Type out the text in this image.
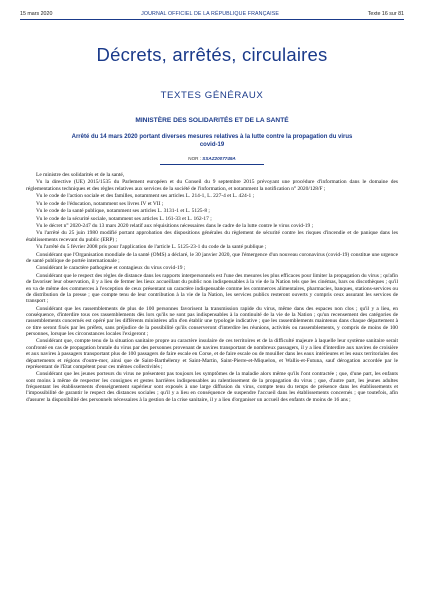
15 mars 2020	JOURNAL OFFICIEL DE LA RÉPUBLIQUE FRANÇAISE	Texte 16 sur 81
Décrets, arrêtés, circulaires
TEXTES GÉNÉRAUX
MINISTÈRE DES SOLIDARITÉS ET DE LA SANTÉ
Arrêté du 14 mars 2020 portant diverses mesures relatives à la lutte contre la propagation du virus covid-19
NOR : SSAZ2007749A

Le ministre des solidarités et de la santé,

Vu la directive (UE) 2015/1535 du Parlement européen et du Conseil du 9 septembre 2015 prévoyant une procédure d'information dans le domaine des réglementations techniques et des règles relatives aux services de la société de l'information, et notamment la notification n° 2020/128/F ;

Vu le code de l'action sociale et des familles, notamment ses articles L. 214-1, L. 227-4 et L. 424-1 ;

Vu le code de l'éducation, notamment ses livres IV et VII ;

Vu le code de la santé publique, notamment ses articles L. 3131-1 et L. 5125-8 ;

Vu le code de la sécurité sociale, notamment ses articles L. 161-33 et L. 162-17 ;

Vu le décret n° 2020-247 du 13 mars 2020 relatif aux réquisitions nécessaires dans le cadre de la lutte contre le virus covid-19 ;

Vu l'arrêté du 25 juin 1980 modifié portant approbation des dispositions générales du règlement de sécurité contre les risques d'incendie et de panique dans les établissements recevant du public (ERP) ;

Vu l'arrêté du 5 février 2008 pris pour l'application de l'article L. 5125-23-1 du code de la santé publique ;

Considérant que l'Organisation mondiale de la santé (OMS) a déclaré, le 30 janvier 2020, que l'émergence d'un nouveau coronavirus (covid-19) constitue une urgence de santé publique de portée internationale ;

Considérant le caractère pathogène et contagieux du virus covid-19 ;

Considérant que le respect des règles de distance dans les rapports interpersonnels est l'une des mesures les plus efficaces pour limiter la propagation du virus ; qu'afin de favoriser leur observation, il y a lieu de fermer les lieux accueillant du public non indispensables à la vie de la Nation tels que les cinémas, bars ou discothèques ; qu'il en va de même des commerces à l'exception de ceux présentant un caractère indispensable comme les commerces alimentaires, pharmacies, banques, stations-services ou de distribution de la presse ; que compte tenu de leur contribution à la vie de la Nation, les services publics resteront ouverts y compris ceux assurant les services de transport ;

Considérant que les rassemblements de plus de 100 personnes favorisent la transmission rapide du virus, même dans des espaces non clos ; qu'il y a lieu, en conséquence, d'interdire tous ces rassemblements dès lors qu'ils ne sont pas indispensables à la continuité de la vie de la Nation ; qu'un recensement des catégories de rassemblements concernés est opéré par les différents ministères afin d'en établir une typologie indicative ; que les rassemblements maintenus dans chaque département à ce titre seront fixés par les préfets, sans préjudice de la possibilité qu'ils conserveront d'interdire les réunions, activités ou rassemblements, y compris de moins de 100 personnes, lorsque les circonstances locales l'exigeront ;

Considérant que, compte tenu de la situation sanitaire propre au caractère insulaire de ces territoires et de la difficulté majeure à laquelle leur système sanitaire serait confronté en cas de propagation brutale du virus par des personnes provenant de navires transportant de nombreux passagers, il y a lieu d'interdire aux navires de croisière et aux navires à passagers transportant plus de 100 passagers de faire escale en Corse, et de faire escale ou de mouiller dans les eaux intérieures et les eaux territoriales des départements et régions d'outre-mer, ainsi que de Saint-Barthélemy et Saint-Martin, Saint-Pierre-et-Miquelon, et Wallis-et-Futuna, sauf dérogation accordée par le représentant de l'Etat compétent pour ces mêmes collectivités ;

Considérant que les jeunes porteurs du virus ne présentent pas toujours les symptômes de la maladie alors même qu'ils l'ont contractée ; que, d'une part, les enfants sont moins à même de respecter les consignes et gestes barrières indispensables au ralentissement de la propagation du virus ; que, d'autre part, les jeunes adultes fréquentant les établissements d'enseignement supérieur sont exposés à une large diffusion du virus, compte tenu du temps de présence dans les établissements et l'impossibilité de garantir le respect des distances sociales ; qu'il y a lieu en conséquence de suspendre l'accueil dans les établissements concernés ; que toutefois, afin d'assurer la disponibilité des personnels nécessaires à la gestion de la crise sanitaire, il y a lieu d'organiser un accueil des enfants de moins de 16 ans ;
